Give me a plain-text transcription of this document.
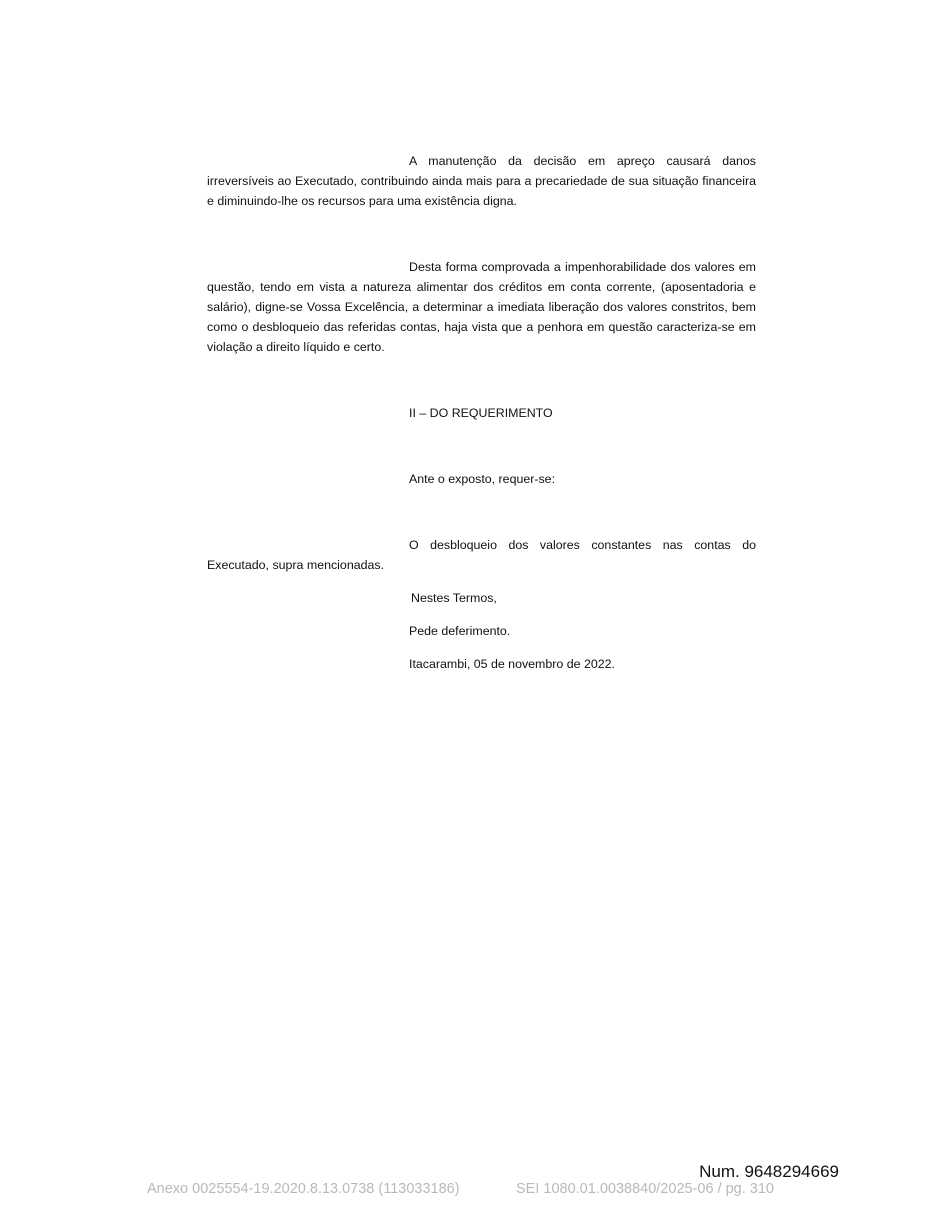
A manutenção da decisão em apreço causará danos irreversíveis ao Executado, contribuindo ainda mais para a precariedade de sua situação financeira e diminuindo-lhe os recursos para uma existência digna.

Desta forma comprovada a impenhorabilidade dos valores em questão, tendo em vista a natureza alimentar dos créditos em conta corrente, (aposentadoria e salário), digne-se Vossa Excelência, a determinar a imediata liberação dos valores constritos, bem como o desbloqueio das referidas contas, haja vista que a penhora em questão caracteriza-se em violação a direito líquido e certo.

II – DO REQUERIMENTO

Ante o exposto, requer-se:

O desbloqueio dos valores constantes nas contas do Executado, supra mencionadas.

Nestes Termos,

Pede deferimento.

Itacarambi, 05 de novembro de 2022.

Num. 9648294669
Anexo 0025554-19.2020.8.13.0738 (113033186)	SEI 1080.01.0038840/2025-06 / pg. 310
